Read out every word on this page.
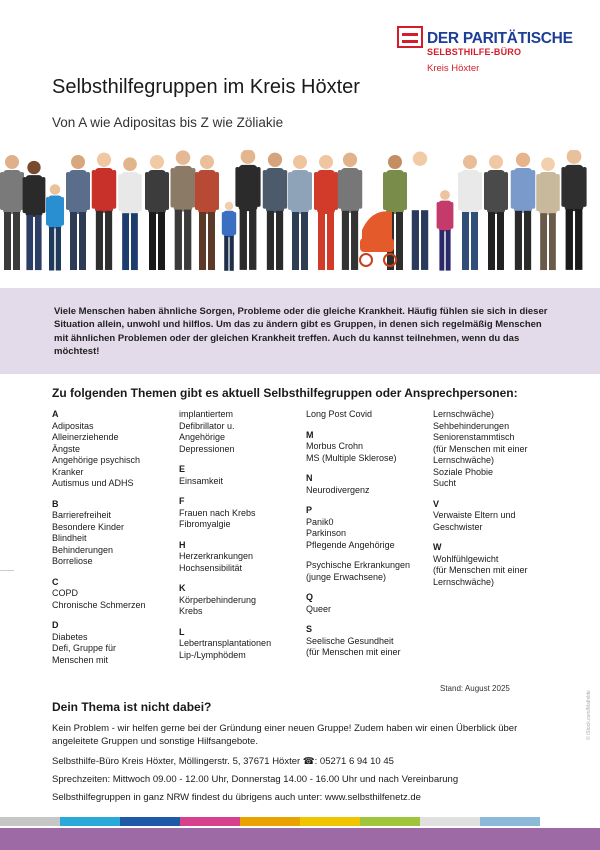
DER PARITÄTISCHE
SELBSTHILFE-BÜRO
Kreis Höxter
Selbsthilfegruppen im Kreis Höxter
Von A wie Adipositas bis Z wie Zöliakie

Viele Menschen haben ähnliche Sorgen, Probleme oder die gleiche Krankheit. Häufig fühlen sie sich in dieser Situation allein, unwohl und hilflos. Um das zu ändern gibt es Gruppen, in denen sich regelmäßig Menschen mit ähnlichen Problemen oder der gleichen Krankheit treffen. Auch du kannst teilnehmen, wenn du das möchtest!

Zu folgenden Themen gibt es aktuell Selbsthilfegruppen oder Ansprechpersonen:
A
Adipositas
Alleinerziehende
Ängste
Angehörige psychisch
Kranker
Autismus und ADHS
B
Barrierefreiheit
Besondere Kinder
Blindheit
Behinderungen
Borreliose
C
COPD
Chronische Schmerzen
D
Diabetes
Defi, Gruppe für
Menschen mit
implantiertem
Defibrillator u.
Angehörige
Depressionen
E
Einsamkeit
F
Frauen nach Krebs
Fibromyalgie
H
Herzerkrankungen
Hochsensibilität
K
Körperbehinderung
Krebs
L
Lebertransplantationen
Lip-/Lymphödem
Long Post Covid
M
Morbus Crohn
MS (Multiple Sklerose)
N
Neurodivergenz
P
Panik0
Parkinson
Pflegende Angehörige
Psychische Erkrankungen
(junge Erwachsene)
Q
Queer
S
Seelische Gesundheit
(für Menschen mit einer
Lernschwäche)
Sehbehinderungen
Seniorenstammtisch
(für Menschen mit einer
Lernschwäche)
Soziale Phobie
Sucht
V
Verwaiste Eltern und
Geschwister
W
Wohlfühlgewicht
(für Menschen mit einer
Lernschwäche)
Stand: August 2025
Dein Thema ist nicht dabei?
Kein Problem - wir helfen gerne bei der Gründung einer neuen Gruppe! Zudem haben wir einen Überblick über angeleitete Gruppen und sonstige Hilfsangebote.
Selbsthilfe-Büro Kreis Höxter, Möllingerstr. 5, 37671 Höxter ☎: 05271 6 94 10 45
Sprechzeiten: Mittwoch 09.00 - 12.00 Uhr, Donnerstag 14.00 - 16.00 Uhr und nach Vereinbarung
Selbsthilfegruppen in ganz NRW findest du übrigens auch unter: www.selbsthilfenetz.de
© iStock.com/Mathilde
